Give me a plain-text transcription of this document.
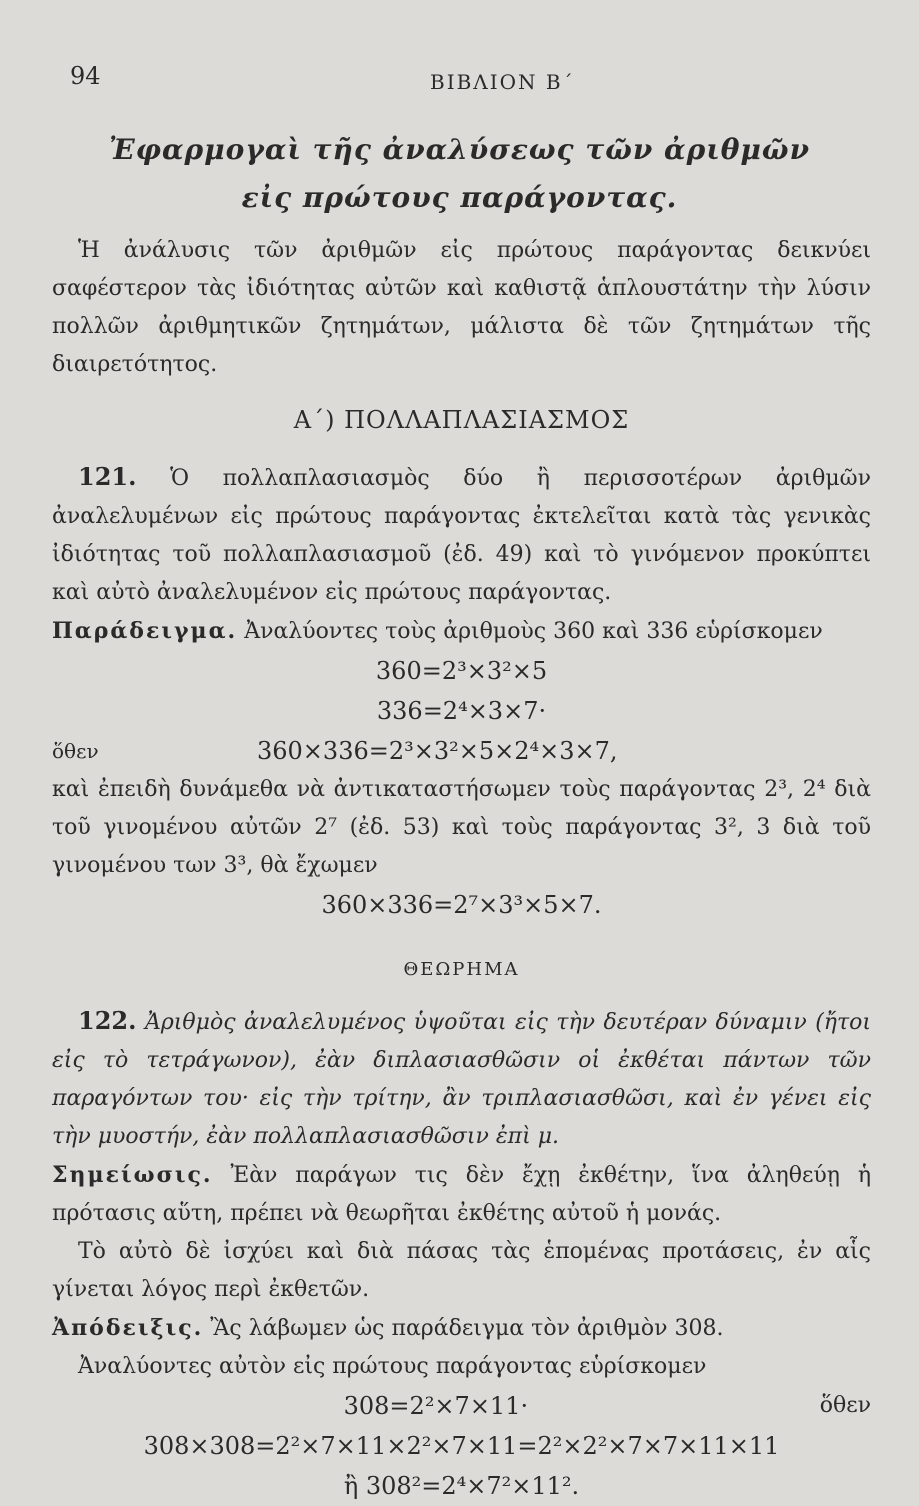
94	ΒΙΒΛΙΟΝ Β΄
Ἐφαρμογαὶ τῆς ἀναλύσεως τῶν ἀριθμῶν
εἰς πρώτους παράγοντας.

Ἡ ἀνάλυσις τῶν ἀριθμῶν εἰς πρώτους παράγοντας δεικνύει σαφέστερον τὰς ἰδιότητας αὐτῶν καὶ καθιστᾷ ἁπλουστάτην τὴν λύσιν πολλῶν ἀριθμητικῶν ζητημάτων, μάλιστα δὲ τῶν ζητημάτων τῆς διαιρετότητος.

Α΄) ΠΟΛΛΑΠΛΑΣΙΑΣΜΟΣ

121. Ὁ πολλαπλασιασμὸς δύο ἢ περισσοτέρων ἀριθμῶν ἀναλελυμένων εἰς πρώτους παράγοντας ἐκτελεῖται κατὰ τὰς γενικὰς ἰδιότητας τοῦ πολλαπλασιασμοῦ (ἐδ. 49) καὶ τὸ γινόμενον προκύπτει καὶ αὐτὸ ἀναλελυμένον εἰς πρώτους παράγοντας.

Παράδειγμα. Ἀναλύοντες τοὺς ἀριθμοὺς 360 καὶ 336 εὑρίσκομεν

360=2³×3²×5
336=2⁴×3×7·
ὅθεν	360×336=2³×3²×5×2⁴×3×7,

καὶ ἐπειδὴ δυνάμεθα νὰ ἀντικαταστήσωμεν τοὺς παράγοντας 2³, 2⁴ διὰ τοῦ γινομένου αὐτῶν 2⁷ (ἐδ. 53) καὶ τοὺς παράγοντας 3², 3 διὰ τοῦ γινομένου των 3³, θὰ ἔχωμεν

360×336=2⁷×3³×5×7.
ΘΕΩΡΗΜΑ

122. Ἀριθμὸς ἀναλελυμένος ὑψοῦται εἰς τὴν δευτέραν δύναμιν (ἤτοι εἰς τὸ τετράγωνον), ἐὰν διπλασιασθῶσιν οἱ ἐκθέται πάντων τῶν παραγόντων του· εἰς τὴν τρίτην, ἂν τριπλασιασθῶσι, καὶ ἐν γένει εἰς τὴν μυοστήν, ἐὰν πολλαπλασιασθῶσιν ἐπὶ μ.

Σημείωσις. Ἐὰν παράγων τις δὲν ἔχῃ ἐκθέτην, ἵνα ἀληθεύῃ ἡ πρότασις αὕτη, πρέπει νὰ θεωρῆται ἐκθέτης αὐτοῦ ἡ μονάς.

Τὸ αὐτὸ δὲ ἰσχύει καὶ διὰ πάσας τὰς ἑπομένας προτάσεις, ἐν αἷς γίνεται λόγος περὶ ἐκθετῶν.

Ἀπόδειξις. Ἂς λάβωμεν ὡς παράδειγμα τὸν ἀριθμὸν 308.

Ἀναλύοντες αὐτὸν εἰς πρώτους παράγοντας εὑρίσκομεν

308=2²×7×11·	ὅθεν
308×308=2²×7×11×2²×7×11=2²×2²×7×7×11×11
ἢ 308²=2⁴×7²×11².
